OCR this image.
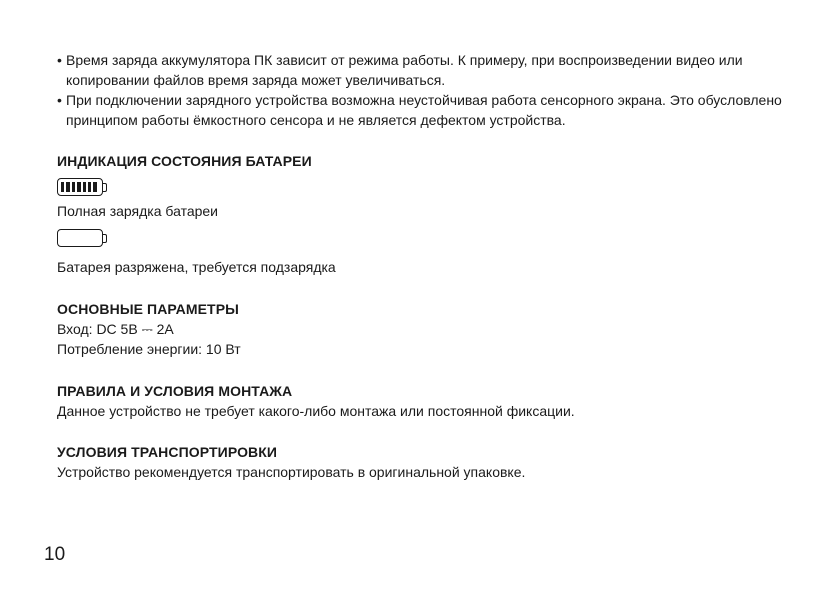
• Время заряда аккумулятора ПК зависит от режима работы. К примеру, при воспроизведении видео или копировании файлов время заряда может увеличиваться.
• При подключении зарядного устройства возможна неустойчивая работа сенсорного экрана. Это обусловлено принципом работы ёмкостного сенсора и не является дефектом устройства.
ИНДИКАЦИЯ СОСТОЯНИЯ БАТАРЕИ
Полная зарядка батареи
Батарея разряжена, требуется подзарядка
ОСНОВНЫЕ ПАРАМЕТРЫ
Вход: DC 5В ⎓ 2А
Потребление энергии: 10 Вт
ПРАВИЛА И УСЛОВИЯ МОНТАЖА
Данное устройство не требует какого-либо монтажа или постоянной фиксации.
УСЛОВИЯ ТРАНСПОРТИРОВКИ
Устройство рекомендуется транспортировать в оригинальной упаковке.
10
